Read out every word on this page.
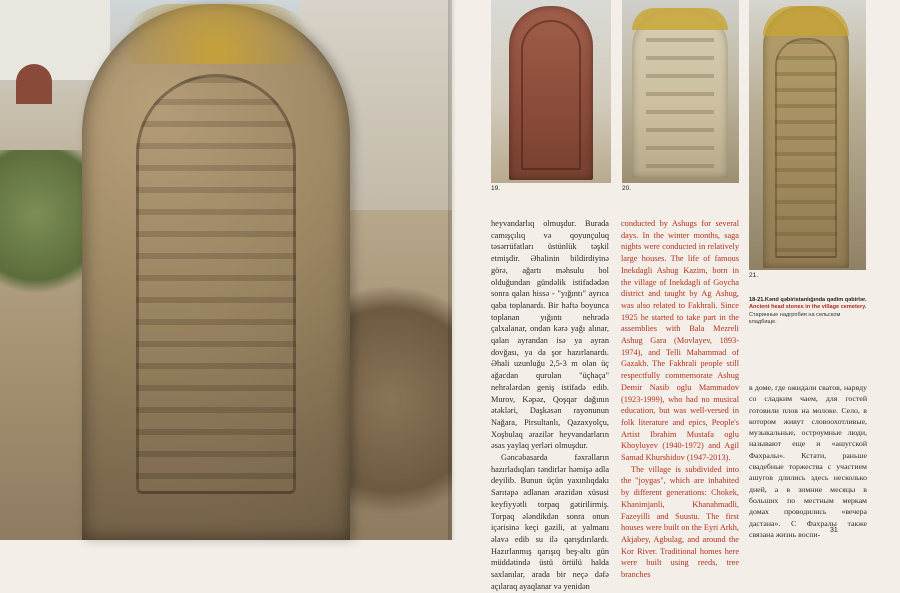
19.	20.
21.
18-21.Kənd qəbiristanlığında qədim qəbirlər.
Ancient head stones in the village cemetery.
Старинные надгробия на сельском кладбище.

heyvandarlıq olmuşdur. Burada camışçılıq və qoyunçuluq təsərrüfatları üstünlük təşkil etmişdir. Əhalinin bildirdiyinə görə, ağartı məhsulu bol olduğundan gündəlik istifadədən sonra qalan hissə - "yığıntı" ayrıca qaba toplanardı. Bir həftə boyunca toplanan yığıntı nehrədə çalxalanar, ondan kərə yağı alınar, qalan ayrandan isə ya ayran dovğası, ya da şor hazırlanardı. Əhali uzunluğu 2,5-3 m olan üç ağacdan qurulan "üçhaça" nehrələrdən geniş istifadə edib. Murov, Kəpəz, Qoşqar dağının ətəkləri, Daşkəsən rayonunun Nağara, Pirsultanlı, Qazaxyolçu, Xoşbulaq ərazilər heyvandarların əsas yaylaq yerləri olmuşdur.

Gəncəbasarda fəxrəlların hazırladıqları təndirlər həmişə adla deyilib. Bunun üçün yaxınlıqdakı Sarıtəpə adlanan ərazidən xüsusi keyfiyyətli torpaq gətirilirmiş. Torpaq ələndikdən sonra onun içərisinə keçi gəzili, at yalmanı əlavə edib su ilə qarışdırılardı. Hazırlanmış qarışıq beş-altı gün müddətində üstü örtülü halda saxlanılar, arada bir neçə dəfə açılaraq ayaqlanar və yenidən

conducted by Ashugs for several days. In the winter months, saga nights were conducted in relatively large houses. The life of famous Inekdagli Ashug Kazim, born in the village of Inekdagli of Goycha district and taught by Ag Ashug, was also related to Fakhrali. Since 1925 he started to take part in the assemblies with Bala Mezreli Ashug Gara (Movlayev, 1893-1974), and Telli Mahammad of Gazakh. The Fakhrali people still respectfully commemorate Ashug Demir Nasib oglu Mammadov (1923-1999), who had no musical education, but was well-versed in folk literature and epics, People's Artist Ibrahim Mustafa oglu Khoyluyev (1940-1972) and Agil Samad Khurshidov (1947-2013).

The village is subdivided into the "joygas", which are inhabited by different generations: Chokek, Khanimjanli, Khanahmadli, Fazeyilli and Suustu. The first houses were built on the Eyri Arkh, Akjabey, Agbulag, and around the Kor River. Traditional homes here were built using reeds, tree branches

в доме, где ожидали сватов, нарядy со сладким чаем, для гостей готовили плов на молоке. Село, в котором живут словоохотливые, музыкальные, остроумные люди, называют еще и «ашугской Фахралы». Кстати, раньше свадебные торжества с участием ашугов длились здесь несколько дней, а в зимние месяцы в больших по местным меркам домах проводились «вечера дастана». С Фахралы также связана жизнь воспи-	31
